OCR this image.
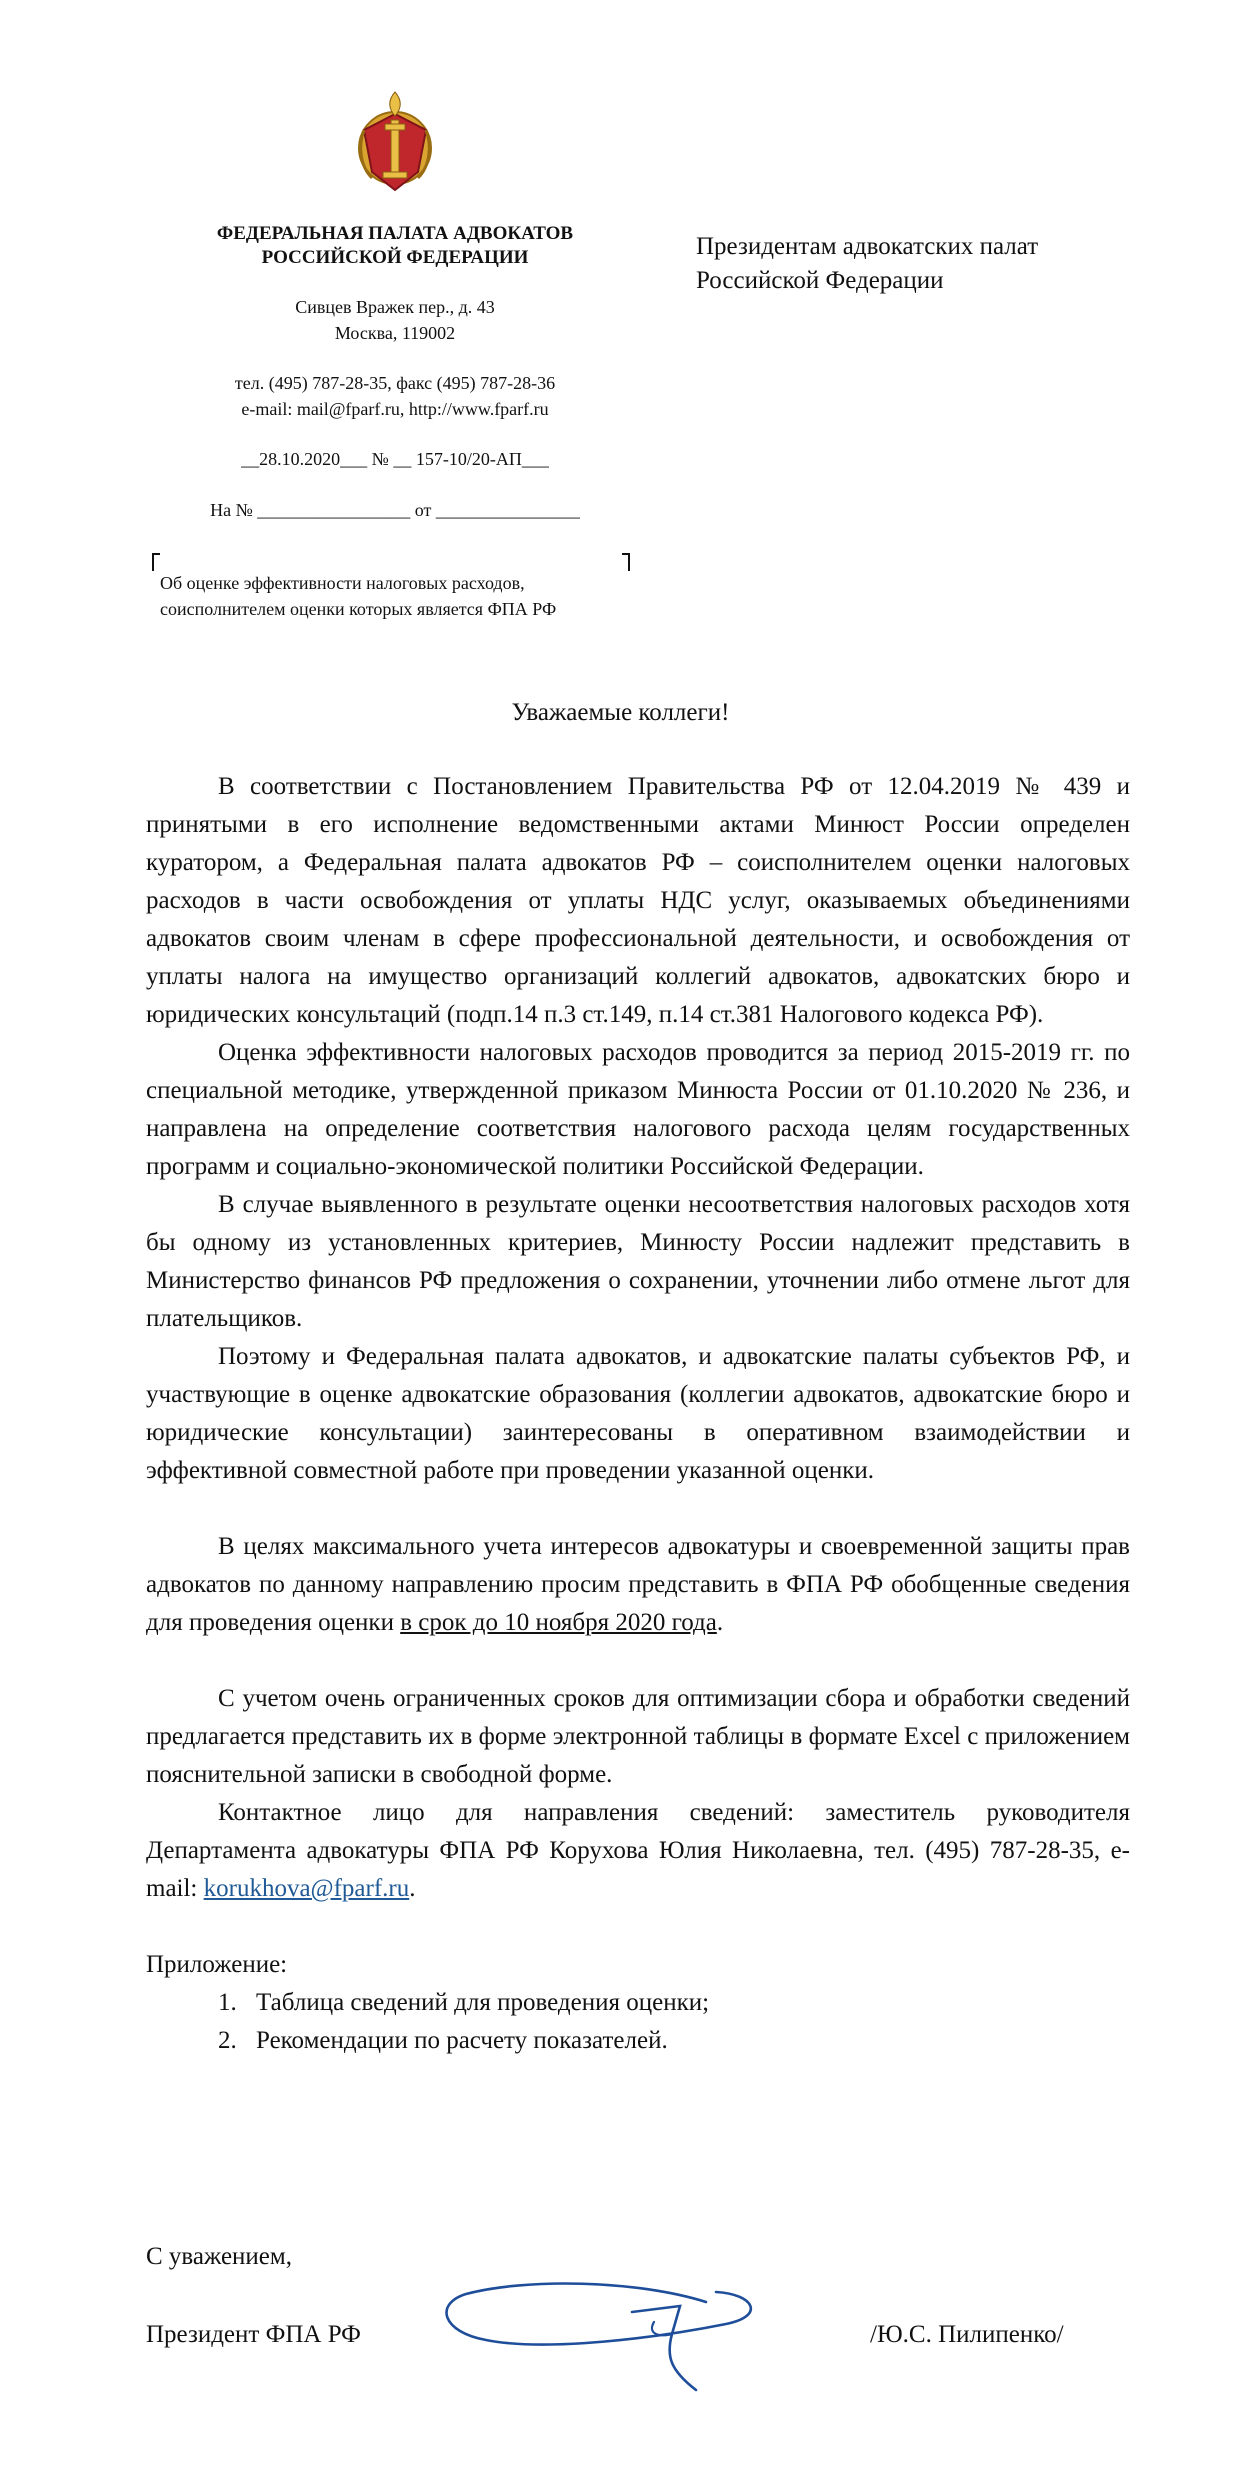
ФЕДЕРАЛЬНАЯ ПАЛАТА АДВОКАТОВ
РОССИЙСКОЙ ФЕДЕРАЦИИ
Сивцев Вражек пер., д. 43
Москва, 119002
тел. (495) 787-28-35, факс (495) 787-28-36
e-mail: mail@fparf.ru, http://www.fparf.ru
__28.10.2020___ № __ 157-10/20-АП___
На № _________________ от ________________
Об оценке эффективности налоговых расходов,
соисполнителем оценки которых является ФПА РФ
Президентам адвокатских палат
Российской Федерации
Уважаемые коллеги!

В соответствии с Постановлением Правительства РФ от 12.04.2019 № 439 и принятыми в его исполнение ведомственными актами Минюст России определен куратором, а Федеральная палата адвокатов РФ – соисполнителем оценки налоговых расходов в части освобождения от уплаты НДС услуг, оказываемых объединениями адвокатов своим членам в сфере профессиональной деятельности, и освобождения от уплаты налога на имущество организаций коллегий адвокатов, адвокатских бюро и юридических консультаций (подп.14 п.3 ст.149, п.14 ст.381 Налогового кодекса РФ).

Оценка эффективности налоговых расходов проводится за период 2015-2019 гг. по специальной методике, утвержденной приказом Минюста России от 01.10.2020 № 236, и направлена на определение соответствия налогового расхода целям государственных программ и социально-экономической политики Российской Федерации.

В случае выявленного в результате оценки несоответствия налоговых расходов хотя бы одному из установленных критериев, Минюсту России надлежит представить в Министерство финансов РФ предложения о сохранении, уточнении либо отмене льгот для плательщиков.

Поэтому и Федеральная палата адвокатов, и адвокатские палаты субъектов РФ, и участвующие в оценке адвокатские образования (коллегии адвокатов, адвокатские бюро и юридические консультации) заинтересованы в оперативном взаимодействии и эффективной совместной работе при проведении указанной оценки.

В целях максимального учета интересов адвокатуры и своевременной защиты прав адвокатов по данному направлению просим представить в ФПА РФ обобщенные сведения для проведения оценки в срок до 10 ноября 2020 года.

С учетом очень ограниченных сроков для оптимизации сбора и обработки сведений предлагается представить их в форме электронной таблицы в формате Excel с приложением пояснительной записки в свободной форме.

Контактное лицо для направления сведений: заместитель руководителя Департамента адвокатуры ФПА РФ Корухова Юлия Николаевна, тел. (495) 787-28-35, e-mail: korukhova@fparf.ru.

Приложение:
1. Таблица сведений для проведения оценки;
2. Рекомендации по расчету показателей.
С уважением,
Президент ФПА РФ	/Ю.С. Пилипенко/
